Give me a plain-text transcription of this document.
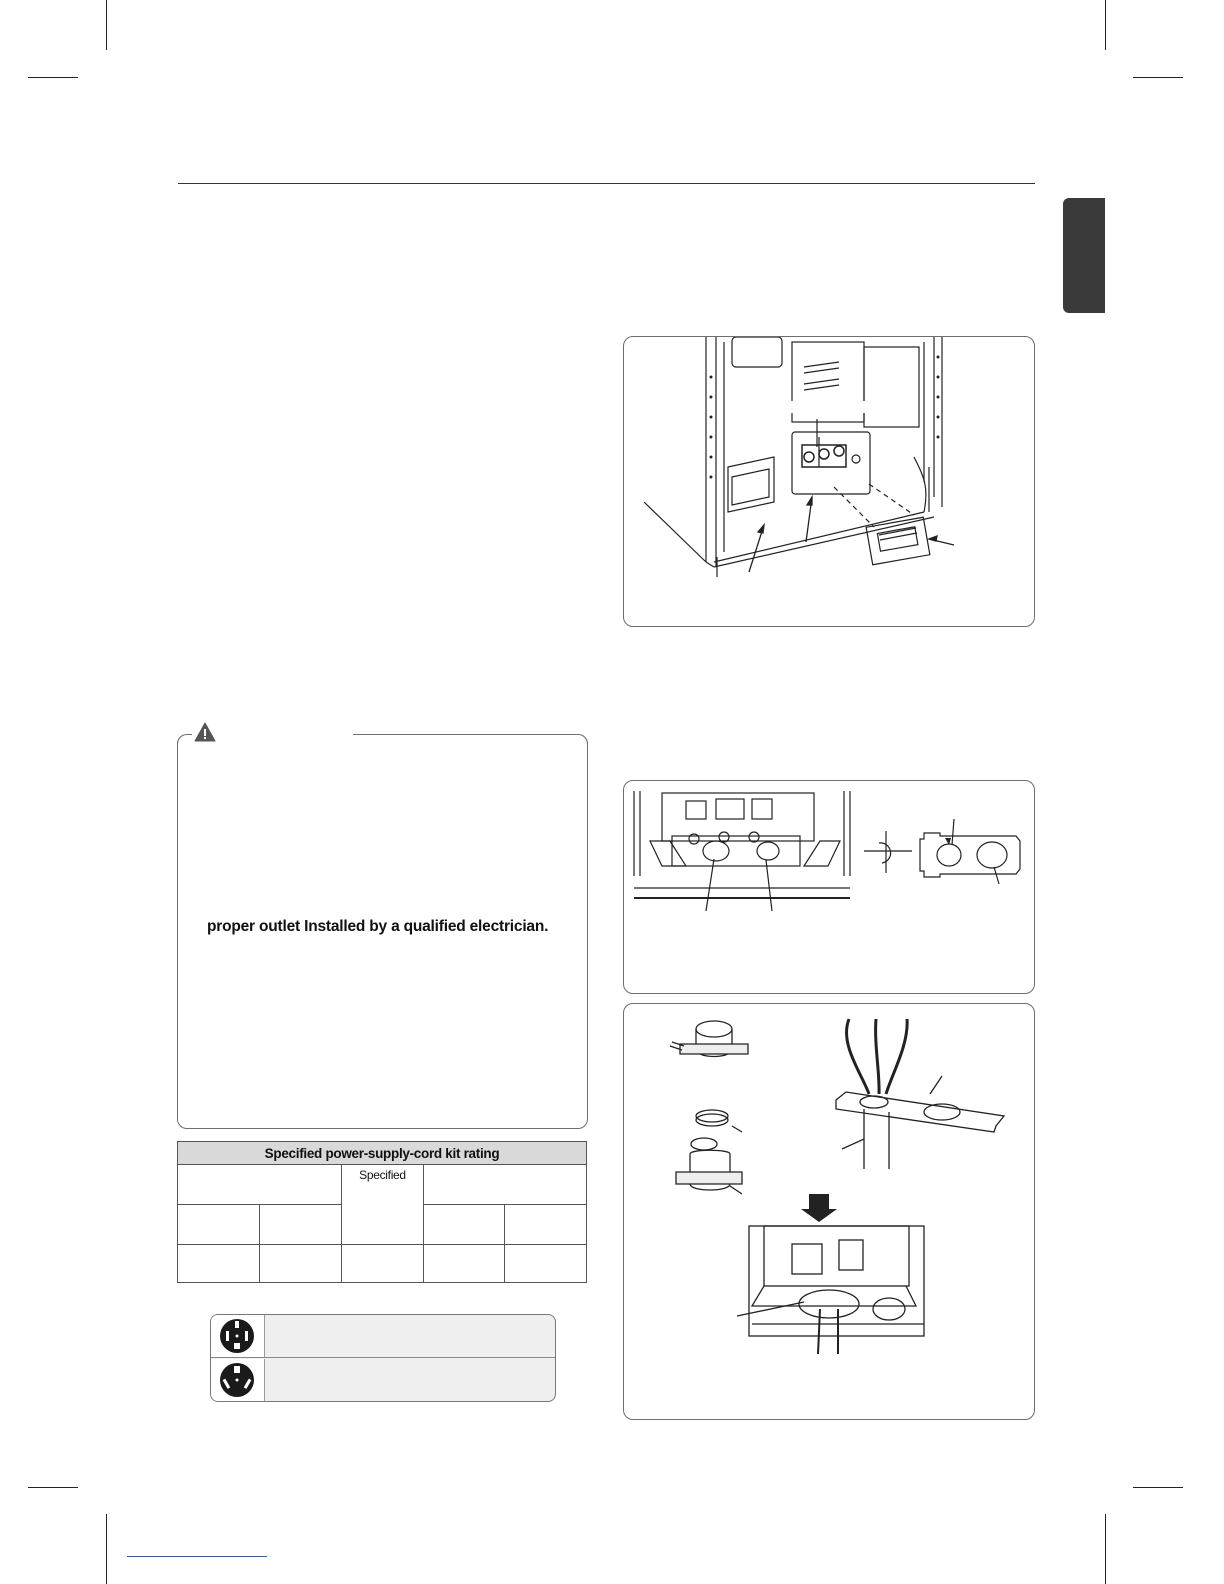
proper outlet Installed by a qualified electrician.
Specified power-supply-cord kit rating				
		Specified		
